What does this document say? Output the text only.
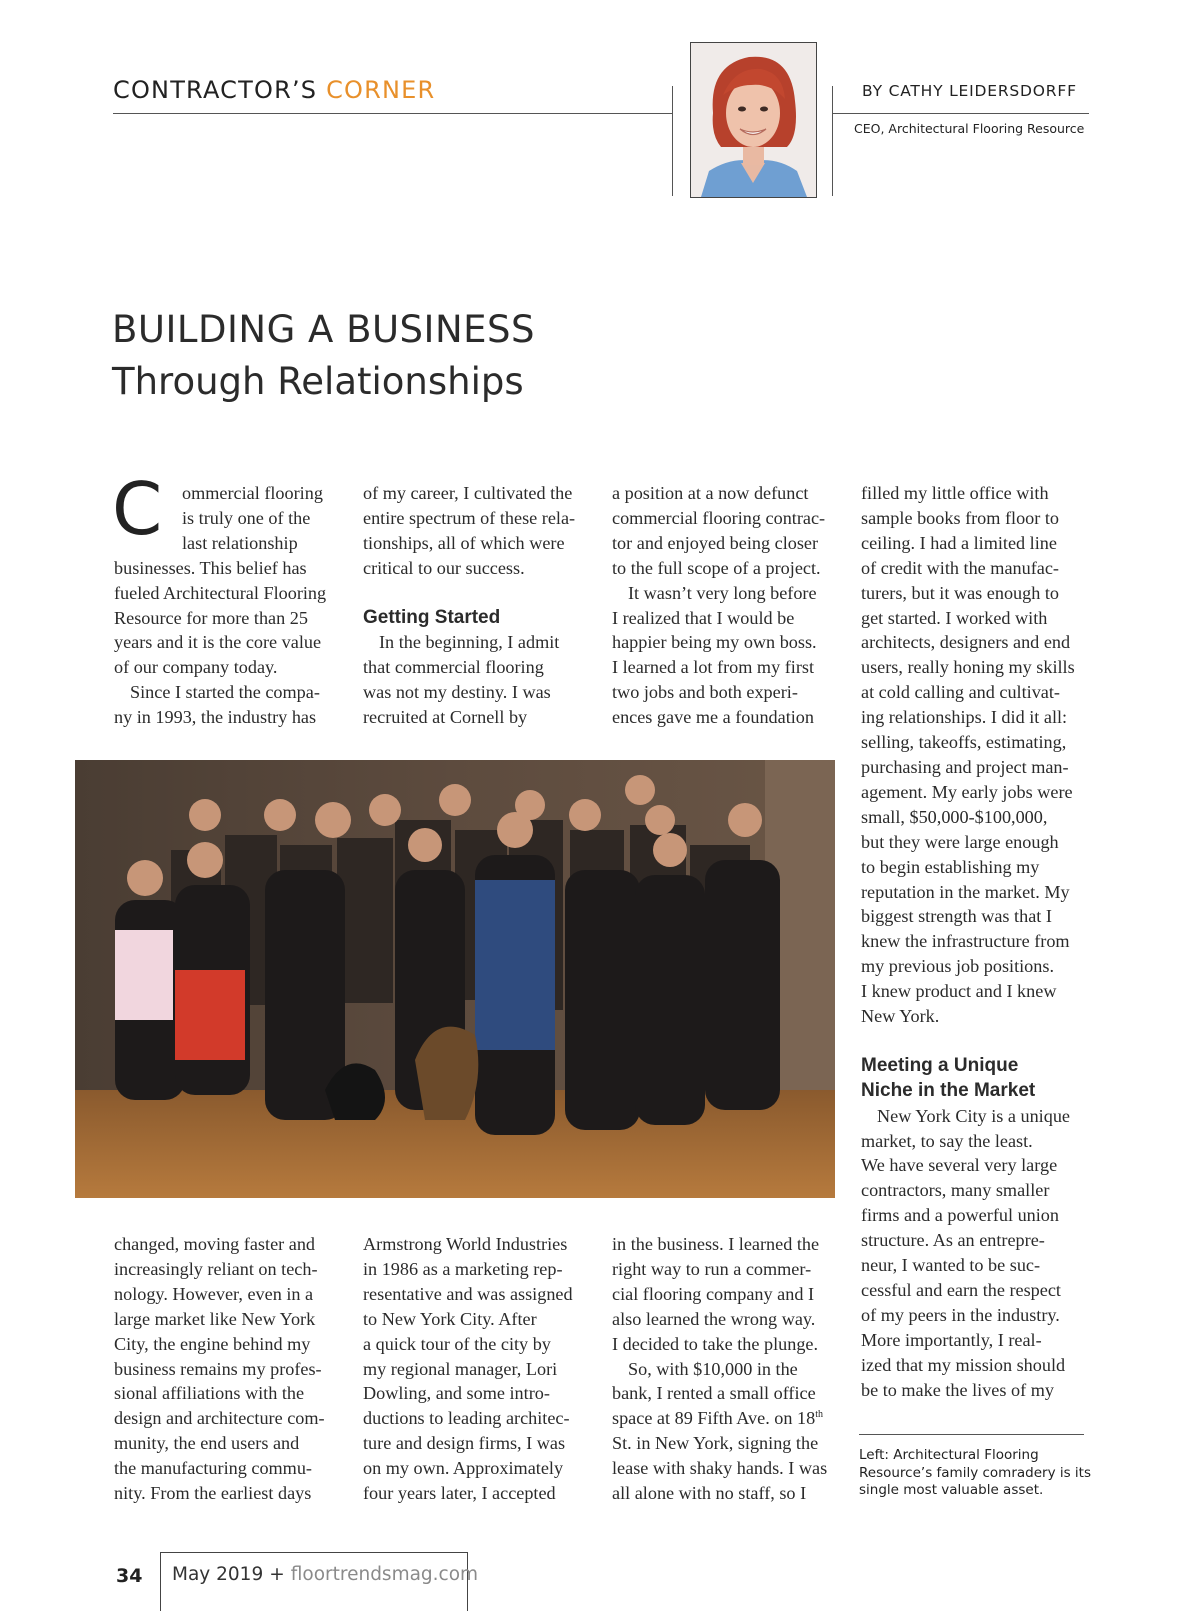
CONTRACTOR’S CORNER	BY CATHY LEIDERSDORFF
CEO, Architectural Flooring Resource
BUILDING A BUSINESS
Through Relationships

C ommercial flooring

is truly one of the

last relationship

businesses. This belief has

fueled Architectural Flooring

Resource for more than 25

years and it is the core value

of our company today.

Since I started the compa-

ny in 1993, the industry has

of my career, I cultivated the

entire spectrum of these rela-

tionships, all of which were

critical to our success.

Getting Started

In the beginning, I admit

that commercial flooring

was not my destiny. I was

recruited at Cornell by

a position at a now defunct

commercial flooring contrac-

tor and enjoyed being closer

to the full scope of a project.

It wasn’t very long before

I realized that I would be

happier being my own boss.

I learned a lot from my first

two jobs and both experi-

ences gave me a foundation

filled my little office with

sample books from floor to

ceiling. I had a limited line

of credit with the manufac-

turers, but it was enough to

get started. I worked with

architects, designers and end

users, really honing my skills

at cold calling and cultivat-

ing relationships. I did it all:

selling, takeoffs, estimating,

purchasing and project man-

agement. My early jobs were

small, $50,000-$100,000,

but they were large enough

to begin establishing my

reputation in the market. My

biggest strength was that I

knew the infrastructure from

my previous job positions.

I knew product and I knew

New York.

Meeting a Unique
Niche in the Market

New York City is a unique

market, to say the least.

We have several very large

contractors, many smaller

firms and a powerful union

structure. As an entrepre-

neur, I wanted to be suc-

cessful and earn the respect

of my peers in the industry.

More importantly, I real-

ized that my mission should

be to make the lives of my

changed, moving faster and

increasingly reliant on tech-

nology. However, even in a

large market like New York

City, the engine behind my

business remains my profes-

sional affiliations with the

design and architecture com-

munity, the end users and

the manufacturing commu-

nity. From the earliest days

Armstrong World Industries

in 1986 as a marketing rep-

resentative and was assigned

to New York City. After

a quick tour of the city by

my regional manager, Lori

Dowling, and some intro-

ductions to leading architec-

ture and design firms, I was

on my own. Approximately

four years later, I accepted

in the business. I learned the

right way to run a commer-

cial flooring company and I

also learned the wrong way.

I decided to take the plunge.

So, with $10,000 in the

bank, I rented a small office

space at 89 Fifth Ave. on 18th

St. in New York, signing the

lease with shaky hands. I was

all alone with no staff, so I

Left: Architectural Flooring

Resource’s family comradery is its

single most valuable asset.

34 May 2019 + floortrendsmag.com
